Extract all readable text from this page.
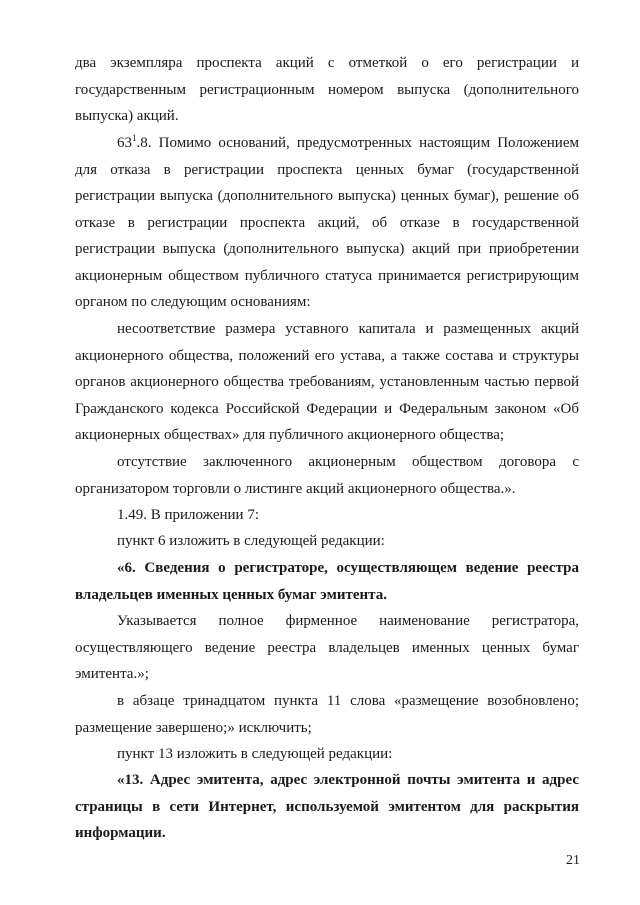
два экземпляра проспекта акций с отметкой о его регистрации и
государственным регистрационным номером выпуска (дополнительного
выпуска) акций.
$63^1.8$. Помимо оснований, предусмотренных настоящим Положением
для отказа в регистрации проспекта ценных бумаг (государственной
регистрации выпуска (дополнительного выпуска) ценных бумаг), решение об
отказе в регистрации проспекта акций, об отказе в государственной
регистрации выпуска (дополнительного выпуска) акций при приобретении
акционерным обществом публичного статуса принимается регистрирующим
органом по следующим основаниям:
несоответствие размера уставного капитала и размещенных акций
акционерного общества, положений его устава, а также состава и структуры
органов акционерного общества требованиям, установленным частью первой
Гражданского кодекса Российской Федерации и Федеральным законом «Об
акционерных обществах» для публичного акционерного общества;
отсутствие заключенного акционерным обществом договора с
организатором торговли о листинге акций акционерного общества.».
1.49. В приложении 7:
пункт 6 изложить в следующей редакции:
«6. Сведения о регистраторе, осуществляющем ведение реестра
владельцев именных ценных бумаг эмитента.
Указывается полное фирменное наименование регистратора,
осуществляющего ведение реестра владельцев именных ценных бумаг
эмитента.»;
в абзаце тринадцатом пункта 11 слова «размещение возобновлено;
размещение завершено;» исключить;
пункт 13 изложить в следующей редакции:
«13. Адрес эмитента, адрес электронной почты эмитента и адрес
страницы в сети Интернет, используемой эмитентом для раскрытия
информации.
21
